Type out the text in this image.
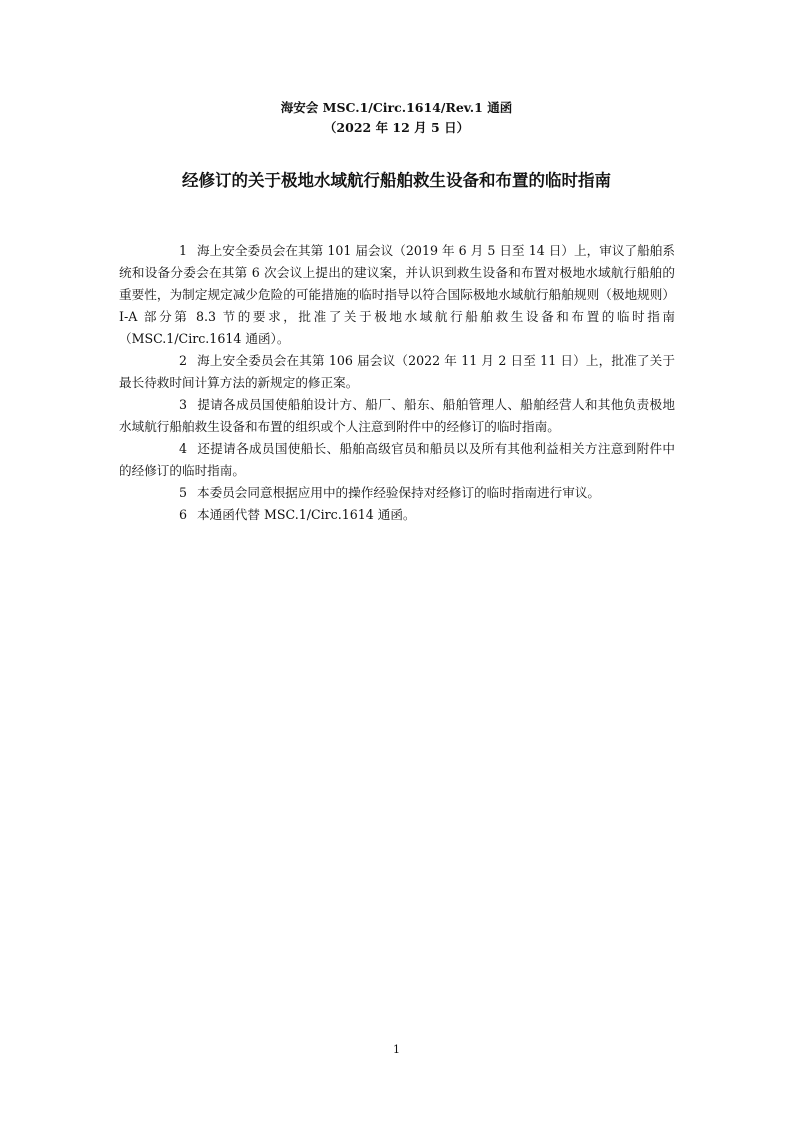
海安会 MSC.1/Circ.1614/Rev.1 通函
（2022 年 12 月 5 日）
经修订的关于极地水域航行船舶救生设备和布置的临时指南

1 海上安全委员会在其第 101 届会议（2019 年 6 月 5 日至 14 日）上，审议了船舶系统和设备分委会在其第 6 次会议上提出的建议案，并认识到救生设备和布置对极地水域航行船舶的重要性，为制定规定减少危险的可能措施的临时指导以符合国际极地水域航行船舶规则（极地规则）I-A 部分第 8.3 节的要求，批准了关于极地水域航行船舶救生设备和布置的临时指南（MSC.1/Circ.1614 通函）。

2 海上安全委员会在其第 106 届会议（2022 年 11 月 2 日至 11 日）上，批准了关于最长待救时间计算方法的新规定的修正案。

3 提请各成员国使船舶设计方、船厂、船东、船舶管理人、船舶经营人和其他负责极地水域航行船舶救生设备和布置的组织或个人注意到附件中的经修订的临时指南。

4 还提请各成员国使船长、船舶高级官员和船员以及所有其他利益相关方注意到附件中的经修订的临时指南。

5 本委员会同意根据应用中的操作经验保持对经修订的临时指南进行审议。

6 本通函代替 MSC.1/Circ.1614 通函。

1
